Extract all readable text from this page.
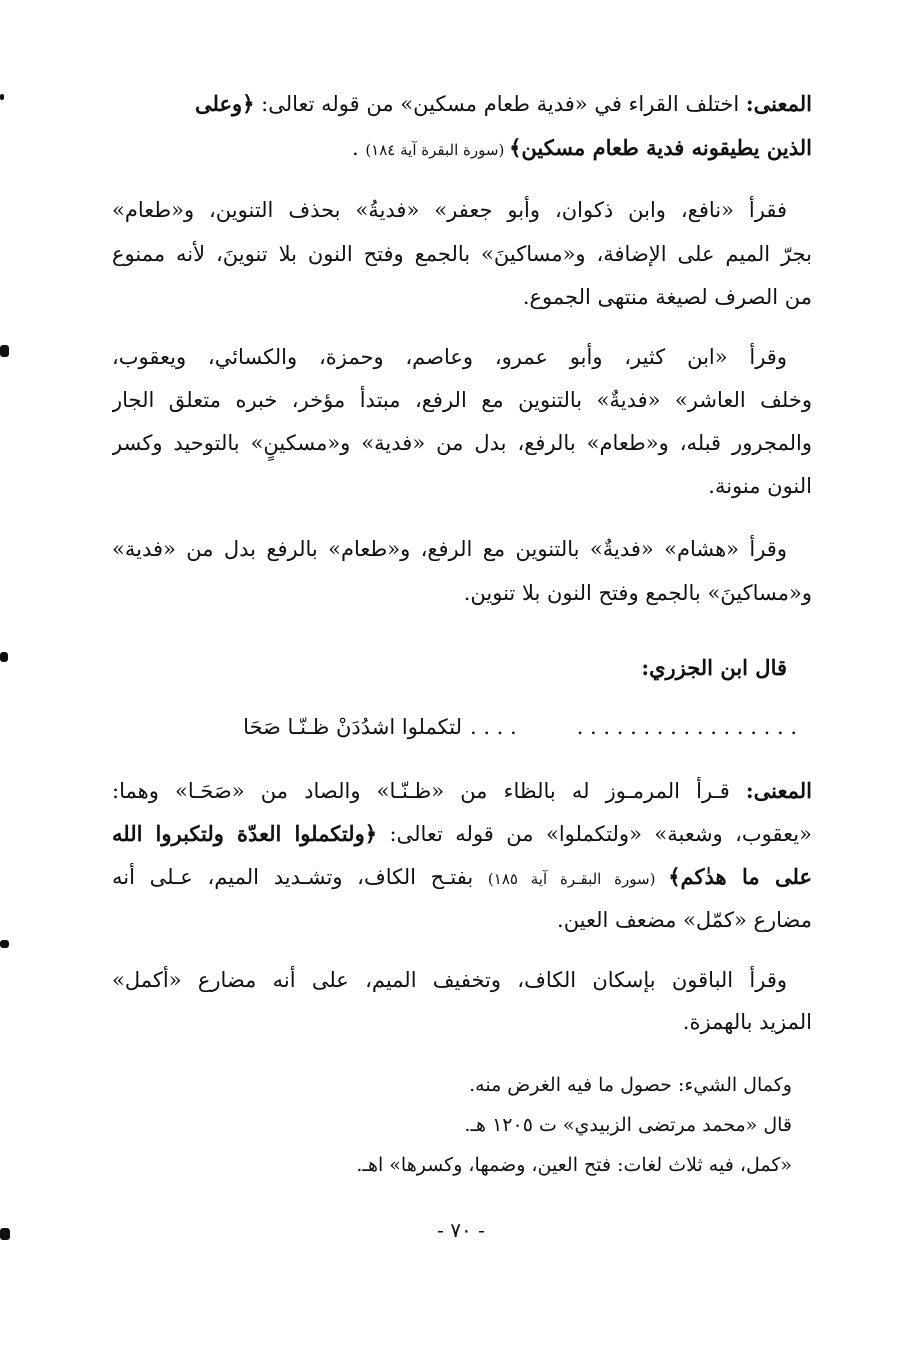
المعنى: اختلف القراء في «فدية طعام مسكين» من قوله تعالى: ﴿وعلى
الذين يطيقونه فدية طعام مسكين﴾ (سورة البقرة آية ١٨٤) .
فقرأ «نافع، وابن ذكوان، وأبو جعفر» «فديةُ» بحذف التنوين، و«طعام»
بجرّ الميم على الإضافة، و«مساكينَ» بالجمع وفتح النون بلا تنوينَ، لأنه ممنوع
من الصرف لصيغة منتهى الجموع.
وقرأ «ابن كثير، وأبو عمرو، وعاصم، وحمزة، والكسائي، ويعقوب،
وخلف العاشر» «فديةٌ» بالتنوين مع الرفع، مبتدأ مؤخر، خبره متعلق الجار
والمجرور قبله، و«طعام» بالرفع، بدل من «فدية» و«مسكينٍ» بالتوحيد وكسر
النون منونة.
وقرأ «هشام» «فديةٌ» بالتنوين مع الرفع، و«طعام» بالرفع بدل من «فدية»
و«مساكينَ» بالجمع وفتح النون بلا تنوين.
قال ابن الجزري:
. . . . . . . . . . . . . . . . .. . . .لتكملوا اشدُدَنْ ظـنّـا صَحَا
المعنى: قـرأ المرمـوز له بالظاء من «ظـنّـا» والصاد من «صَحَـا» وهما:
«يعقوب، وشعبة» «ولتكملوا» من قوله تعالى: ﴿ولتكملوا العدّة ولتكبروا الله
على ما هدٰكم﴾ (سورة البقـرة آية ١٨٥) بفتـح الكاف، وتشـديد الميم، عـلى أنه
مضارع «كمّل» مضعف العين.
وقرأ الباقون بإسكان الكاف، وتخفيف الميم، على أنه مضارع «أكمل»
المزيد بالهمزة.
وكمال الشيء: حصول ما فيه الغرض منه.
قال «محمد مرتضى الزبيدي» ت ١٢٠٥ هـ.
«كمل، فيه ثلاث لغات: فتح العين، وضمها، وكسرها» اهـ.
- ٧٠ -
